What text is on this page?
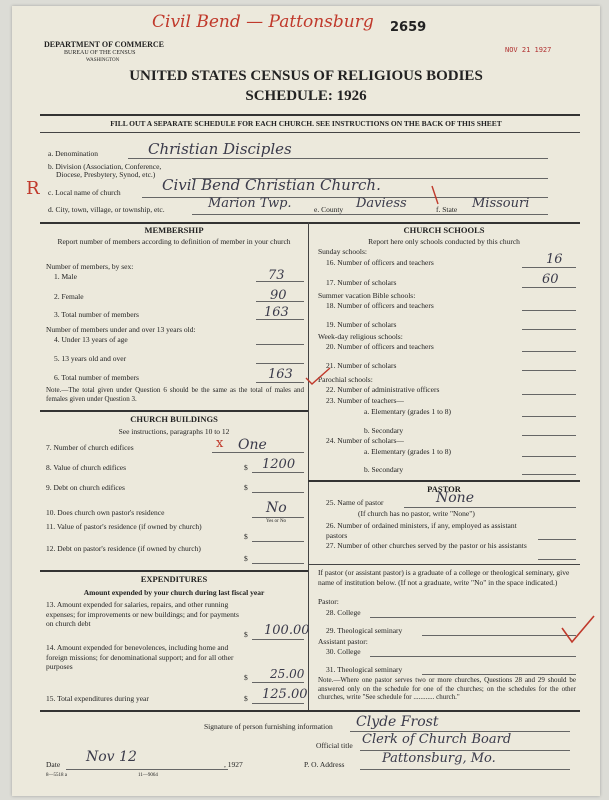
Civil Bend — Pattonsburg 2659
NOV 21 1927
R
DEPARTMENT OF COMMERCE
BUREAU OF THE CENSUS
WASHINGTON
UNITED STATES CENSUS OF RELIGIOUS BODIES
SCHEDULE: 1926
FILL OUT A SEPARATE SCHEDULE FOR EACH CHURCH. SEE INSTRUCTIONS ON THE BACK OF THIS SHEET
a. Denomination	Christian Disciples
b. Division (Association, Conference,
Diocese, Presbytery, Synod, etc.)
c. Local name of church	Civil Bend Christian Church.
d. City, town, village, or township, etc.	Marion Twp.	e. County Daviess	f. State Missouri
MEMBERSHIP
Report number of members according to definition of member in your church
Number of members, by sex:
1. Male	73
2. Female	90
3. Total number of members	163
Number of members under and over 13 years old:
4. Under 13 years of age
5. 13 years old and over
6. Total number of members	163
Note.—The total given under Question 6 should be the same as the total of males and females given under Question 3.
CHURCH BUILDINGS
See instructions, paragraphs 10 to 12
7. Number of church edifices	x One
8. Value of church edifices	$ 1200
9. Debt on church edifices	$
10. Does church own pastor's residence	No
Yes or No
11. Value of pastor's residence (if owned by church)
$
12. Debt on pastor's residence (if owned by church)
$
EXPENDITURES
Amount expended by your church during last fiscal year
13. Amount expended for salaries, repairs, and other running expenses; for improvements or new buildings; and for payments on church debt
$ 100.00
14. Amount expended for benevolences, including home and foreign missions; for denominational support; and for all other purposes
$ 25.00
15. Total expenditures during year	$ 125.00
CHURCH SCHOOLS
Report here only schools conducted by this church
Sunday schools:
16. Number of officers and teachers	16
17. Number of scholars	60
Summer vacation Bible schools:
18. Number of officers and teachers
19. Number of scholars
Week-day religious schools:
20. Number of officers and teachers
21. Number of scholars
Parochial schools:
22. Number of administrative officers
23. Number of teachers—
a. Elementary (grades 1 to 8)
b. Secondary
24. Number of scholars—
a. Elementary (grades 1 to 8)
b. Secondary
PASTOR
25. Name of pastor	None
(If church has no pastor, write "None")
26. Number of ordained ministers, if any, employed as assistant pastors
27. Number of other churches served by the pastor or his assistants
If pastor (or assistant pastor) is a graduate of a college or theological seminary, give name of institution below. (If not a graduate, write "No" in the space indicated.)
Pastor:
28. College
29. Theological seminary
Assistant pastor:
30. College
31. Theological seminary
Note.—Where one pastor serves two or more churches, Questions 28 and 29 should be answered only on the schedule for one of the churches; on the schedules for the other churches, write "See schedule for ............ church."
Signature of person furnishing information Clyde Frost
Official title Clerk of Church Board
P. O. Address	Pattonsburg, Mo.
Date Nov 12	, 1927
8—5518 a	11—9064
